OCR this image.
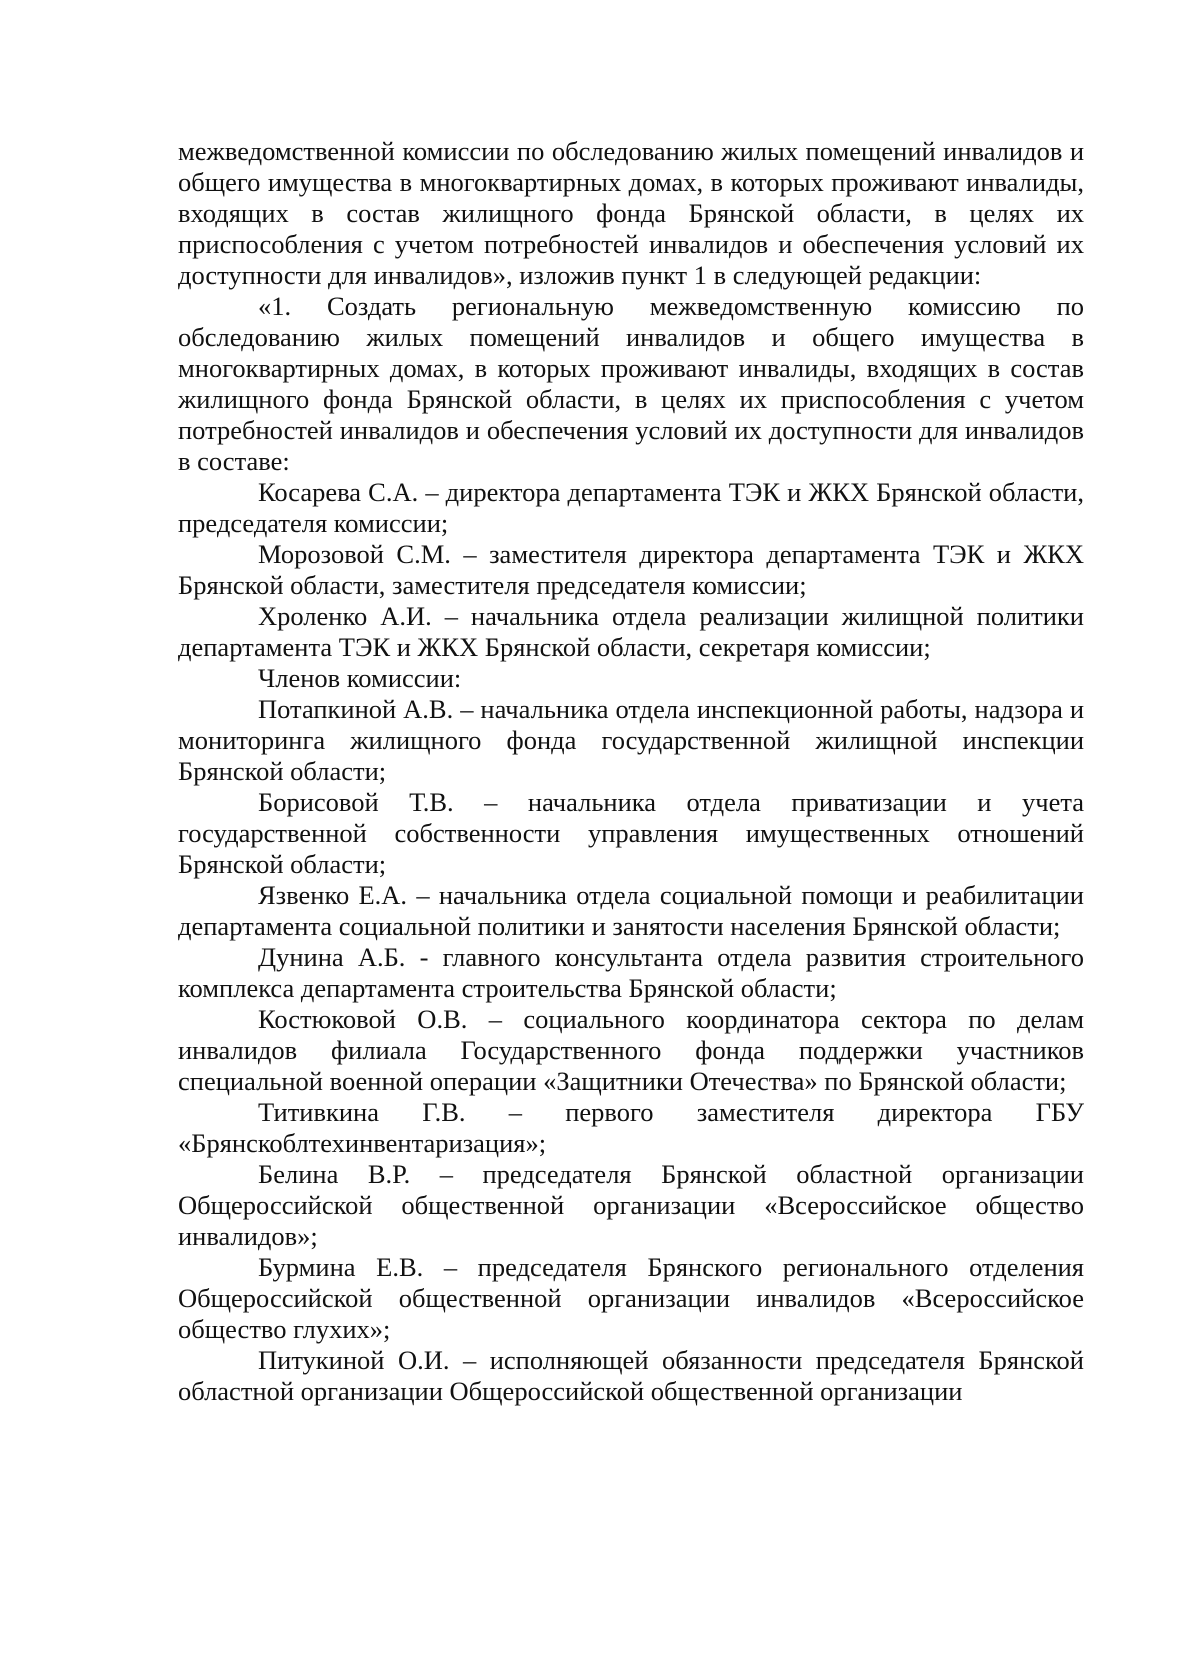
межведомственной комиссии по обследованию жилых помещений инвалидов и общего имущества в многоквартирных домах, в которых проживают инвалиды, входящих в состав жилищного фонда Брянской области, в целях их приспособления с учетом потребностей инвалидов и обеспечения условий их доступности для инвалидов», изложив пункт 1 в следующей редакции:

«1. Создать региональную межведомственную комиссию по обследованию жилых помещений инвалидов и общего имущества в многоквартирных домах, в которых проживают инвалиды, входящих в состав жилищного фонда Брянской области, в целях их приспособления с учетом потребностей инвалидов и обеспечения условий их доступности для инвалидов в составе:

Косарева С.А. – директора департамента ТЭК и ЖКХ Брянской области, председателя комиссии;

Морозовой С.М. – заместителя директора департамента ТЭК и ЖКХ Брянской области, заместителя председателя комиссии;

Хроленко А.И. – начальника отдела реализации жилищной политики департамента ТЭК и ЖКХ Брянской области, секретаря комиссии;

Членов комиссии:

Потапкиной А.В. – начальника отдела инспекционной работы, надзора и мониторинга жилищного фонда государственной жилищной инспекции Брянской области;

Борисовой Т.В. – начальника отдела приватизации и учета государственной собственности управления имущественных отношений Брянской области;

Язвенко Е.А. – начальника отдела социальной помощи и реабилитации департамента социальной политики и занятости населения Брянской области;

Дунина А.Б. - главного консультанта отдела развития строительного комплекса департамента строительства Брянской области;

Костюковой О.В. – социального координатора сектора по делам инвалидов филиала Государственного фонда поддержки участников специальной военной операции «Защитники Отечества» по Брянской области;

Титивкина Г.В. – первого заместителя директора ГБУ «Брянскоблтехинвентаризация»;

Белина В.Р. – председателя Брянской областной организации Общероссийской общественной организации «Всероссийское общество инвалидов»;

Бурмина Е.В. – председателя Брянского регионального отделения Общероссийской общественной организации инвалидов «Всероссийское общество глухих»;

Питукиной О.И. – исполняющей обязанности председателя Брянской областной организации Общероссийской общественной организации
